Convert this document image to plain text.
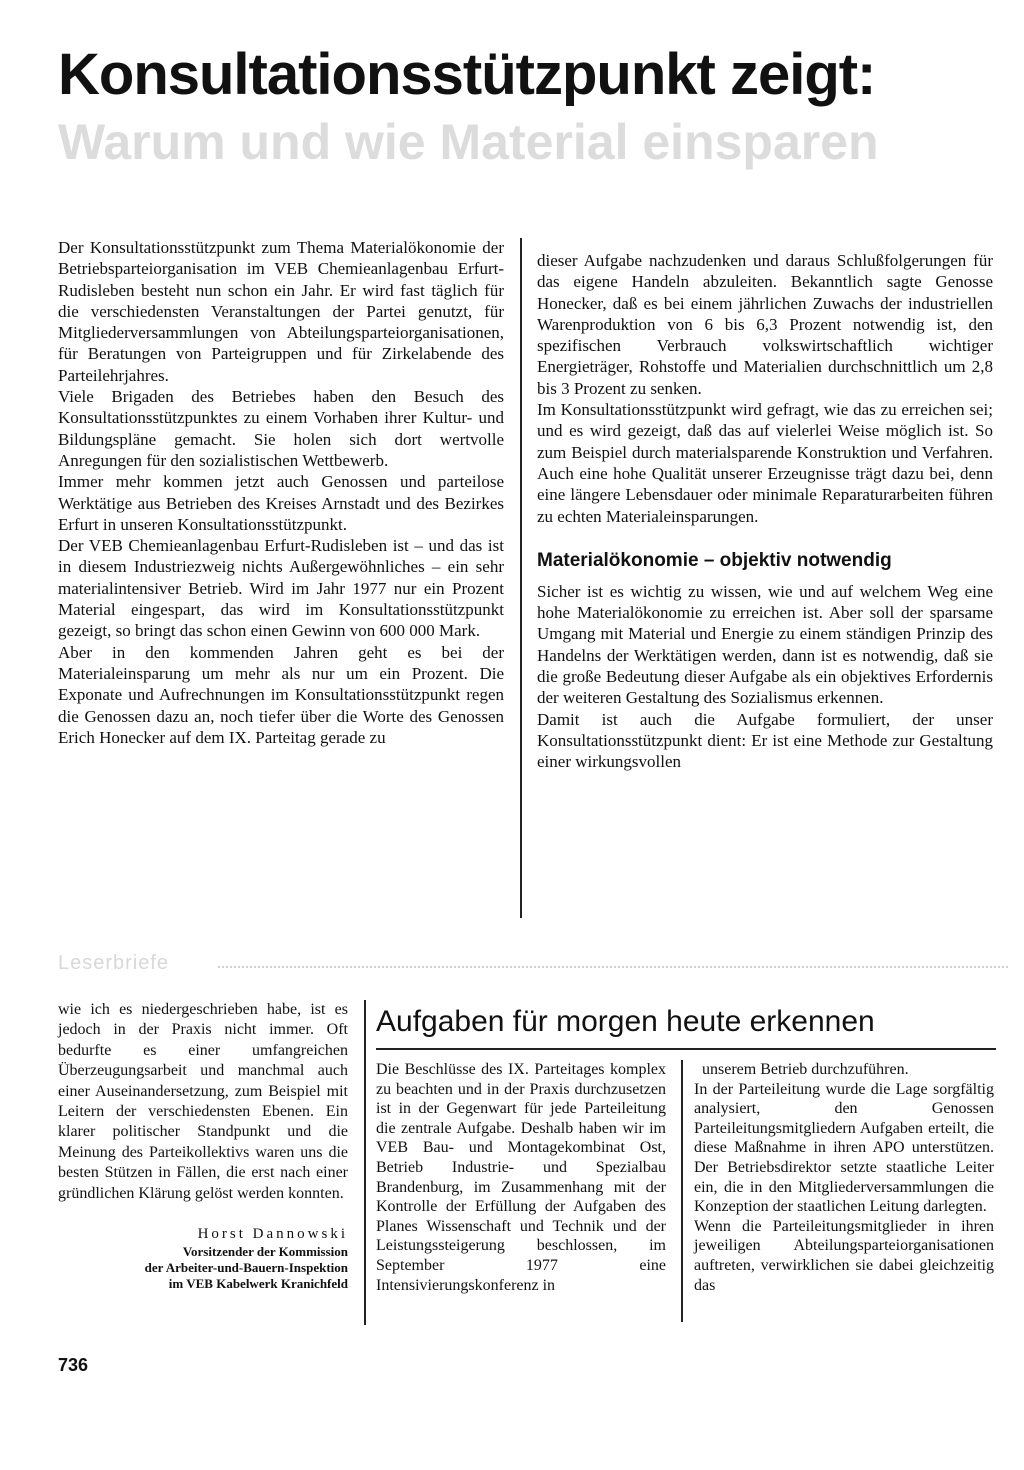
Konsultationsstützpunkt zeigt:
Warum und wie Material einsparen

Der Konsultationsstützpunkt zum Thema Materialökonomie der Betriebsparteiorganisation im VEB Chemieanlagenbau Erfurt-Rudisleben besteht nun schon ein Jahr. Er wird fast täglich für die verschiedensten Veranstaltungen der Partei genutzt, für Mitgliederversammlungen von Abteilungsparteiorganisationen, für Beratungen von Parteigruppen und für Zirkelabende des Parteilehrjahres.

Viele Brigaden des Betriebes haben den Besuch des Konsultationsstützpunktes zu einem Vorhaben ihrer Kultur- und Bildungspläne gemacht. Sie holen sich dort wertvolle Anregungen für den sozialistischen Wettbewerb.

Immer mehr kommen jetzt auch Genossen und parteilose Werktätige aus Betrieben des Kreises Arnstadt und des Bezirkes Erfurt in unseren Konsultationsstützpunkt.

Der VEB Chemieanlagenbau Erfurt-Rudisleben ist – und das ist in diesem Industriezweig nichts Außergewöhnliches – ein sehr materialintensiver Betrieb. Wird im Jahr 1977 nur ein Prozent Material eingespart, das wird im Konsultationsstützpunkt gezeigt, so bringt das schon einen Gewinn von 600 000 Mark.

Aber in den kommenden Jahren geht es bei der Materialeinsparung um mehr als nur um ein Prozent. Die Exponate und Aufrechnungen im Konsultationsstützpunkt regen die Genossen dazu an, noch tiefer über die Worte des Genossen Erich Honecker auf dem IX. Parteitag gerade zu

dieser Aufgabe nachzudenken und daraus Schlußfolgerungen für das eigene Handeln abzuleiten. Bekanntlich sagte Genosse Honecker, daß es bei einem jährlichen Zuwachs der industriellen Warenproduktion von 6 bis 6,3 Prozent notwendig ist, den spezifischen Verbrauch volkswirtschaftlich wichtiger Energieträger, Rohstoffe und Materialien durchschnittlich um 2,8 bis 3 Prozent zu senken.

Im Konsultationsstützpunkt wird gefragt, wie das zu erreichen sei; und es wird gezeigt, daß das auf vielerlei Weise möglich ist. So zum Beispiel durch materialsparende Konstruktion und Verfahren. Auch eine hohe Qualität unserer Erzeugnisse trägt dazu bei, denn eine längere Lebensdauer oder minimale Reparaturarbeiten führen zu echten Materialeinsparungen.

Materialökonomie – objektiv notwendig

Sicher ist es wichtig zu wissen, wie und auf welchem Weg eine hohe Materialökonomie zu erreichen ist. Aber soll der sparsame Umgang mit Material und Energie zu einem ständigen Prinzip des Handelns der Werktätigen werden, dann ist es notwendig, daß sie die große Bedeutung dieser Aufgabe als ein objektives Erfordernis der weiteren Gestaltung des Sozialismus erkennen.

Damit ist auch die Aufgabe formuliert, der unser Konsultationsstützpunkt dient: Er ist eine Methode zur Gestaltung einer wirkungsvollen

Leserbriefe

wie ich es niedergeschrieben habe, ist es jedoch in der Praxis nicht immer. Oft bedurfte es einer umfangreichen Überzeugungsarbeit und manchmal auch einer Auseinandersetzung, zum Beispiel mit Leitern der verschiedensten Ebenen. Ein klarer politischer Standpunkt und die Meinung des Parteikollektivs waren uns die besten Stützen in Fällen, die erst nach einer gründlichen Klärung gelöst werden konnten.

Horst Dannowski

Vorsitzender der Kommission

der Arbeiter-und-Bauern-Inspektion

im VEB Kabelwerk Kranichfeld

Aufgaben für morgen heute erkennen

Die Beschlüsse des IX. Parteitages komplex zu beachten und in der Praxis durchzusetzen ist in der Gegenwart für jede Parteileitung die zentrale Aufgabe. Deshalb haben wir im VEB Bau- und Montagekombinat Ost, Betrieb Industrie- und Spezialbau Brandenburg, im Zusammenhang mit der Kontrolle der Erfüllung der Aufgaben des Planes Wissenschaft und Technik und der Leistungssteigerung beschlossen, im September 1977 eine Intensivierungskonferenz in

unserem Betrieb durchzuführen.

In der Parteileitung wurde die Lage sorgfältig analysiert, den Genossen Parteileitungsmitgliedern Aufgaben erteilt, die diese Maßnahme in ihren APO unterstützen. Der Betriebsdirektor setzte staatliche Leiter ein, die in den Mitgliederversammlungen die Konzeption der staatlichen Leitung darlegten.

Wenn die Parteileitungsmitglieder in ihren jeweiligen Abteilungsparteiorganisationen auftreten, verwirklichen sie dabei gleichzeitig das

736
